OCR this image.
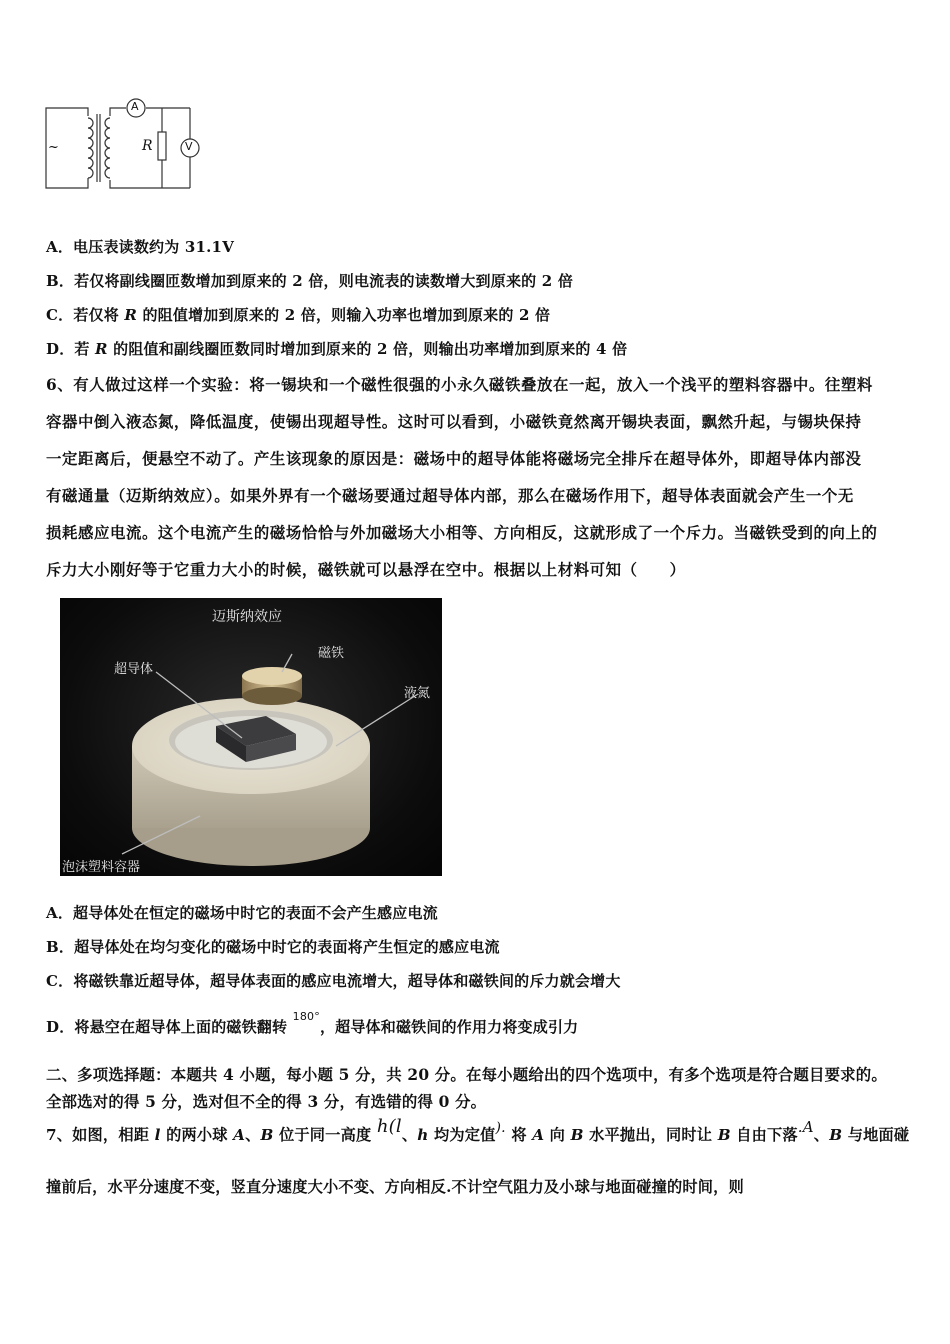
~
A
V
R
A．电压表读数约为 31.1V
B．若仅将副线圈匝数增加到原来的 2 倍，则电流表的读数增大到原来的 2 倍
C．若仅将 R 的阻值增加到原来的 2 倍，则输入功率也增加到原来的 2 倍
D．若 R 的阻值和副线圈匝数同时增加到原来的 2 倍，则输出功率增加到原来的 4 倍
6、有人做过这样一个实验：将一锡块和一个磁性很强的小永久磁铁叠放在一起，放入一个浅平的塑料容器中。往塑料
容器中倒入液态氮，降低温度，使锡出现超导性。这时可以看到，小磁铁竟然离开锡块表面，飘然升起，与锡块保持
一定距离后，便悬空不动了。产生该现象的原因是：磁场中的超导体能将磁场完全排斥在超导体外，即超导体内部没
有磁通量（迈斯纳效应）。如果外界有一个磁场要通过超导体内部，那么在磁场作用下，超导体表面就会产生一个无
损耗感应电流。这个电流产生的磁场恰恰与外加磁场大小相等、方向相反，这就形成了一个斥力。当磁铁受到的向上的
斥力大小刚好等于它重力大小的时候，磁铁就可以悬浮在空中。根据以上材料可知（　　）
迈斯纳效应
超导体
磁铁
液氮
泡沫塑料容器
A．超导体处在恒定的磁场中时它的表面不会产生感应电流
B．超导体处在均匀变化的磁场中时它的表面将产生恒定的感应电流
C．将磁铁靠近超导体，超导体表面的感应电流增大，超导体和磁铁间的斥力就会增大
D．将悬空在超导体上面的磁铁翻转 $^{180^\circ}$，超导体和磁铁间的作用力将变成引力
二、多项选择题：本题共 4 小题，每小题 5 分，共 20 分。在每小题给出的四个选项中，有多个选项是符合题目要求的。
全部选对的得 5 分，选对但不全的得 3 分，有选错的得 0 分。
7、如图，相距 l 的两小球 A、B 位于同一高度 h(l、h 均为定值). 将 A 向 B 水平抛出，同时让 B 自由下落.A、B 与地面碰
撞前后，水平分速度不变，竖直分速度大小不变、方向相反.不计空气阻力及小球与地面碰撞的时间，则
